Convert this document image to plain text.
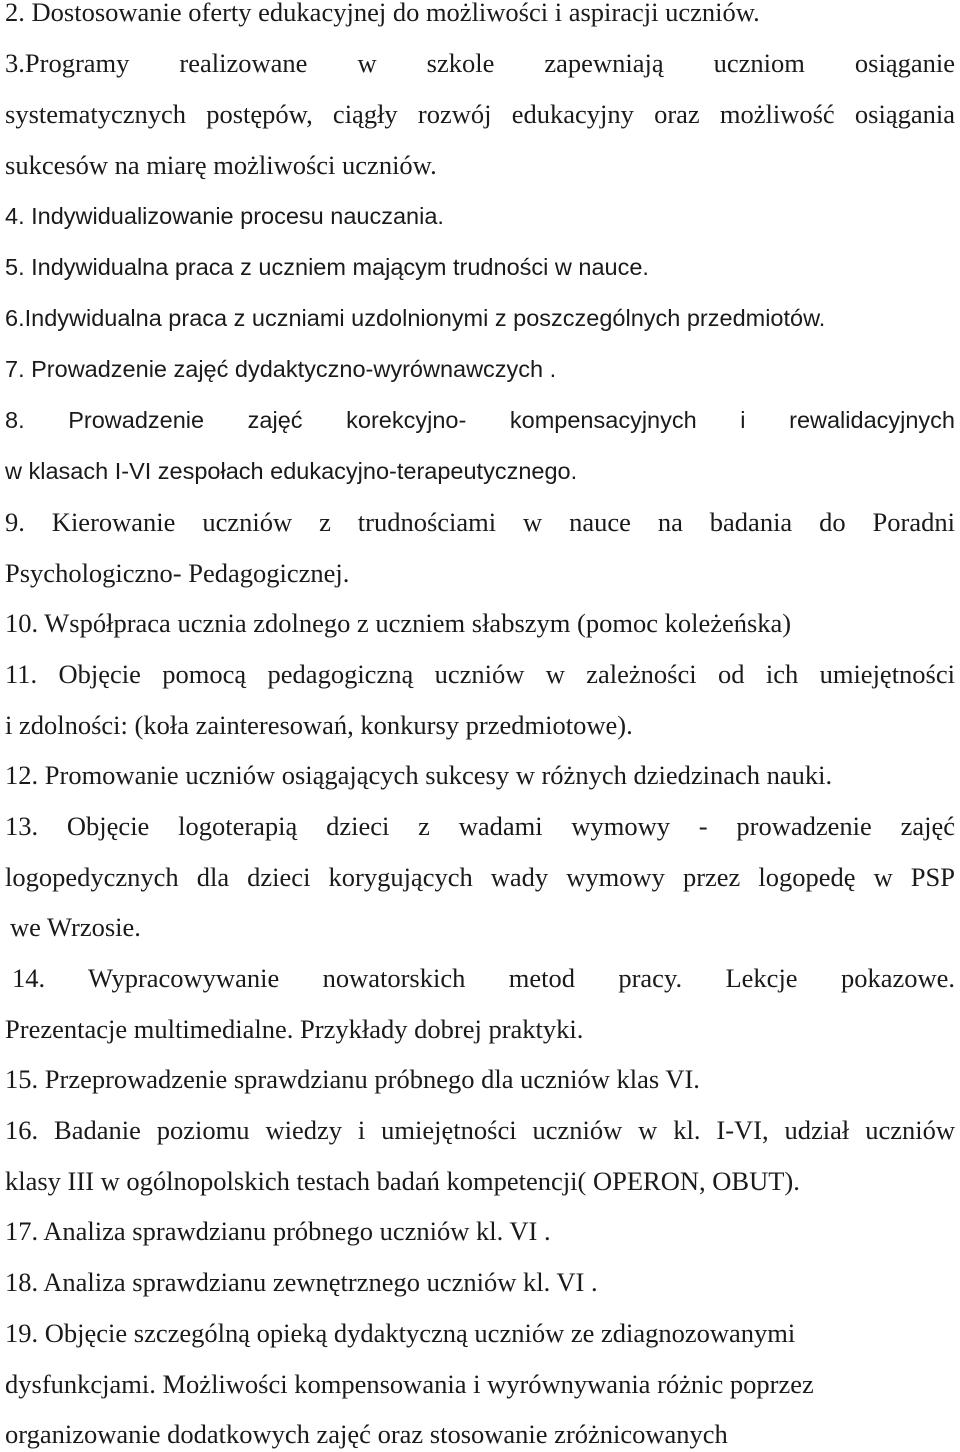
2. Dostosowanie oferty edukacyjnej do możliwości i aspiracji uczniów.
3.Programy realizowane w szkole zapewniają uczniom osiąganie
systematycznych postępów, ciągły rozwój edukacyjny oraz możliwość osiągania
sukcesów na miarę możliwości uczniów.
4. Indywidualizowanie procesu nauczania.
5. Indywidualna praca z uczniem mającym trudności w nauce.
6.Indywidualna praca z uczniami uzdolnionymi z poszczególnych przedmiotów.
7. Prowadzenie zajęć dydaktyczno-wyrównawczych .
8. Prowadzenie zajęć korekcyjno- kompensacyjnych i rewalidacyjnych
w klasach I-VI zespołach edukacyjno-terapeutycznego.
9. Kierowanie uczniów z trudnościami w nauce na badania do Poradni
Psychologiczno- Pedagogicznej.
10. Współpraca ucznia zdolnego z uczniem słabszym (pomoc koleżeńska)
11. Objęcie pomocą pedagogiczną uczniów w zależności od ich umiejętności
i zdolności: (koła zainteresowań, konkursy przedmiotowe).
12. Promowanie uczniów osiągających sukcesy w różnych dziedzinach nauki.
13. Objęcie logoterapią dzieci z wadami wymowy - prowadzenie zajęć
logopedycznych dla dzieci korygujących wady wymowy przez logopedę w PSP
we Wrzosie.
14. Wypracowywanie nowatorskich metod pracy. Lekcje pokazowe.
Prezentacje multimedialne. Przykłady dobrej praktyki.
15. Przeprowadzenie sprawdzianu próbnego dla uczniów klas VI.
16. Badanie poziomu wiedzy i umiejętności uczniów w kl. I-VI, udział uczniów
klasy III w ogólnopolskich testach badań kompetencji( OPERON, OBUT).
17. Analiza sprawdzianu próbnego uczniów kl. VI .
18. Analiza sprawdzianu zewnętrznego uczniów kl. VI .
19. Objęcie szczególną opieką dydaktyczną uczniów ze zdiagnozowanymi
dysfunkcjami. Możliwości kompensowania i wyrównywania różnic poprzez
organizowanie dodatkowych zajęć oraz stosowanie zróżnicowanych
